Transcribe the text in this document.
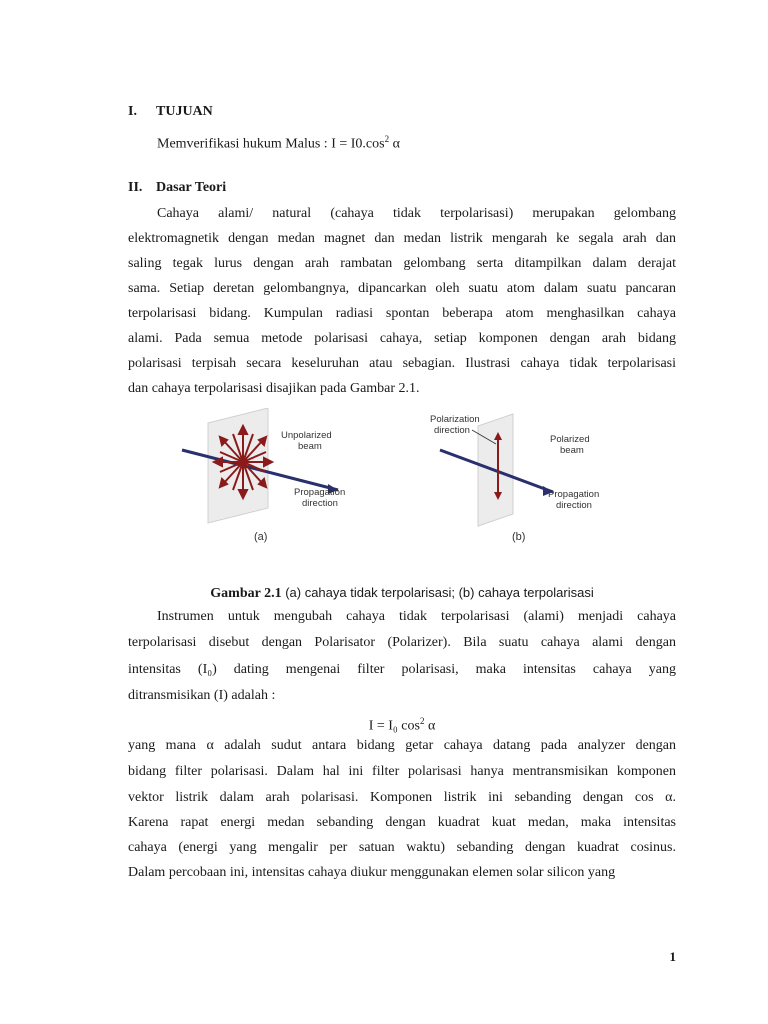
I. TUJUAN
Memverifikasi hukum Malus : $I = I0.\cos^2$ α
II. Dasar Teori
Cahaya alami/ natural (cahaya tidak terpolarisasi) merupakan gelombang
elektromagnetik dengan medan magnet dan medan listrik mengarah ke segala arah dan
saling tegak lurus dengan arah rambatan gelombang serta ditampilkan dalam derajat
sama. Setiap deretan gelombangnya, dipancarkan oleh suatu atom dalam suatu pancaran
terpolarisasi bidang. Kumpulan radiasi spontan beberapa atom menghasilkan cahaya
alami. Pada semua metode polarisasi cahaya, setiap komponen dengan arah bidang
polarisasi terpisah secara keseluruhan atau sebagian. Ilustrasi cahaya tidak terpolarisasi
dan cahaya terpolarisasi disajikan pada Gambar 2.1.
Unpolarized
beam
Propagation
direction
(a)
Polarization
direction
Polarized
beam
Propagation
direction
(b)
Gambar 2.1 (a) cahaya tidak terpolarisasi; (b) cahaya terpolarisasi
Instrumen untuk mengubah cahaya tidak terpolarisasi (alami) menjadi cahaya
terpolarisasi disebut dengan Polarisator (Polarizer). Bila suatu cahaya alami dengan
intensitas (I₀) dating mengenai filter polarisasi, maka intensitas cahaya yang
ditransmisikan (I) adalah :
I = I₀ $\cos^2 \alpha$
yang mana α adalah sudut antara bidang getar cahaya datang pada analyzer dengan
bidang filter polarisasi. Dalam hal ini filter polarisasi hanya mentransmisikan komponen
vektor listrik dalam arah polarisasi. Komponen listrik ini sebanding dengan cos α.
Karena rapat energi medan sebanding dengan kuadrat kuat medan, maka intensitas
cahaya (energi yang mengalir per satuan waktu) sebanding dengan kuadrat cosinus.
Dalam percobaan ini, intensitas cahaya diukur menggunakan elemen solar silicon yang
1
